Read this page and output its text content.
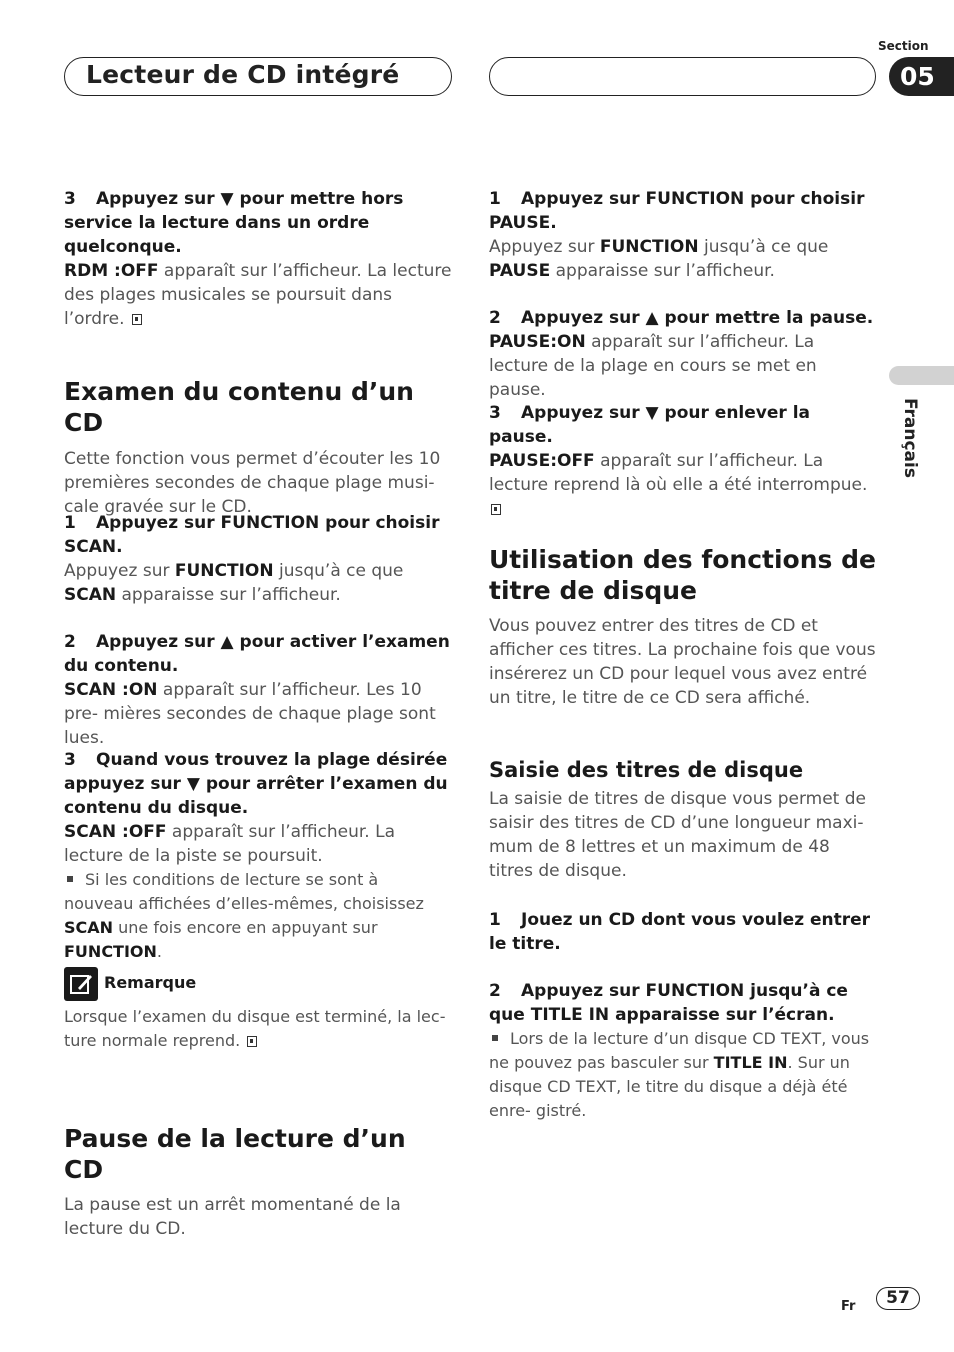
Lecteur de CD intégré
Section
05
Français

3 Appuyez sur ▼ pour mettre hors service la lecture dans un ordre quelconque.

RDM :OFF apparaît sur l’afficheur. La lecture des plages musicales se poursuit dans l’ordre.

Examen du contenu d’un CD

Cette fonction vous permet d’écouter les 10 premières secondes de chaque plage musi- cale gravée sur le CD.

1 Appuyez sur FUNCTION pour choisir SCAN.

Appuyez sur FUNCTION jusqu’à ce que SCAN apparaisse sur l’afficheur.

2 Appuyez sur ▲ pour activer l’examen du contenu.

SCAN :ON apparaît sur l’afficheur. Les 10 pre- mières secondes de chaque plage sont lues.

3 Quand vous trouvez la plage désirée appuyez sur ▼ pour arrêter l’examen du contenu du disque.

SCAN :OFF apparaît sur l’afficheur. La lecture de la piste se poursuit.

Si les conditions de lecture se sont à nouveau affichées d’elles-mêmes, choisissez SCAN une fois encore en appuyant sur FUNCTION.

Remarque

Lorsque l’examen du disque est terminé, la lec- ture normale reprend.

Pause de la lecture d’un CD

La pause est un arrêt momentané de la lecture du CD.

1 Appuyez sur FUNCTION pour choisir PAUSE.

Appuyez sur FUNCTION jusqu’à ce que PAUSE apparaisse sur l’afficheur.

2 Appuyez sur ▲ pour mettre la pause.

PAUSE:ON apparaît sur l’afficheur. La lecture de la plage en cours se met en pause.

3 Appuyez sur ▼ pour enlever la pause.

PAUSE:OFF apparaît sur l’afficheur. La lecture reprend là où elle a été interrompue.

Utilisation des fonctions de titre de disque

Vous pouvez entrer des titres de CD et afficher ces titres. La prochaine fois que vous insérerez un CD pour lequel vous avez entré un titre, le titre de ce CD sera affiché.

Saisie des titres de disque

La saisie de titres de disque vous permet de saisir des titres de CD d’une longueur maxi- mum de 8 lettres et un maximum de 48 titres de disque.

1 Jouez un CD dont vous voulez entrer le titre.

2 Appuyez sur FUNCTION jusqu’à ce que TITLE IN apparaisse sur l’écran.

Lors de la lecture d’un disque CD TEXT, vous ne pouvez pas basculer sur TITLE IN. Sur un disque CD TEXT, le titre du disque a déjà été enre- gistré.

Fr	57
